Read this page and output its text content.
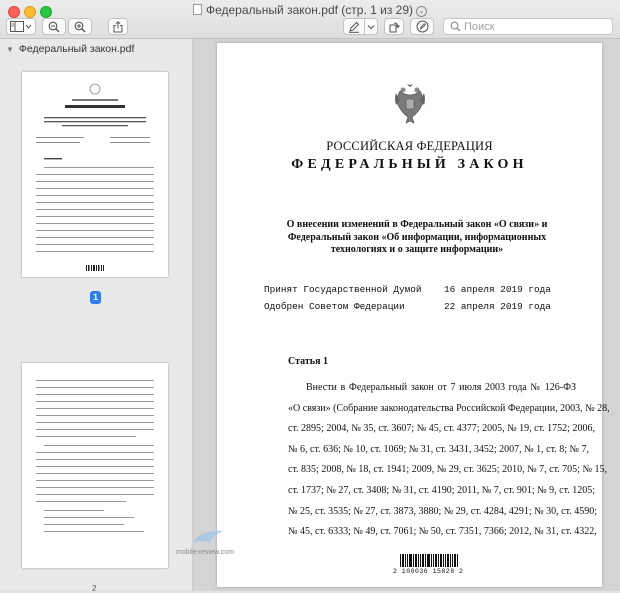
Федеральный закон.pdf (стр. 1 из 29) ⌄
Поиск
▼ Федеральный закон.pdf
1
2
РОССИЙСКАЯ ФЕДЕРАЦИЯ
ФЕДЕРАЛЬНЫЙ ЗАКОН
О внесении изменений в Федеральный закон «О связи» и Федеральный закон «Об информации, информационных технологиях и о защите информации»
Принят Государственной Думой 16 апреля 2019 года
Одобрен Советом Федерации	22 апреля 2019 года
Статья 1
Внести в Федеральный закон от 7 июля 2003 года № 126-ФЗ
«О связи» (Собрание законодательства Российской Федерации, 2003, № 28,
ст. 2895; 2004, № 35, ст. 3607; № 45, ст. 4377; 2005, № 19, ст. 1752; 2006,
№ 6, ст. 636; № 10, ст. 1069; № 31, ст. 3431, 3452; 2007, № 1, ст. 8; № 7,
ст. 835; 2008, № 18, ст. 1941; 2009, № 29, ст. 3625; 2010, № 7, ст. 705; № 15,
ст. 1737; № 27, ст. 3408; № 31, ст. 4190; 2011, № 7, ст. 901; № 9, ст. 1205;
№ 25, ст. 3535; № 27, ст. 3873, 3880; № 29, ст. 4284, 4291; № 30, ст. 4590;
№ 45, ст. 6333; № 49, ст. 7061; № 50, ст. 7351, 7366; 2012, № 31, ст. 4322,
2 100036 15828 2
mobile-review.com
